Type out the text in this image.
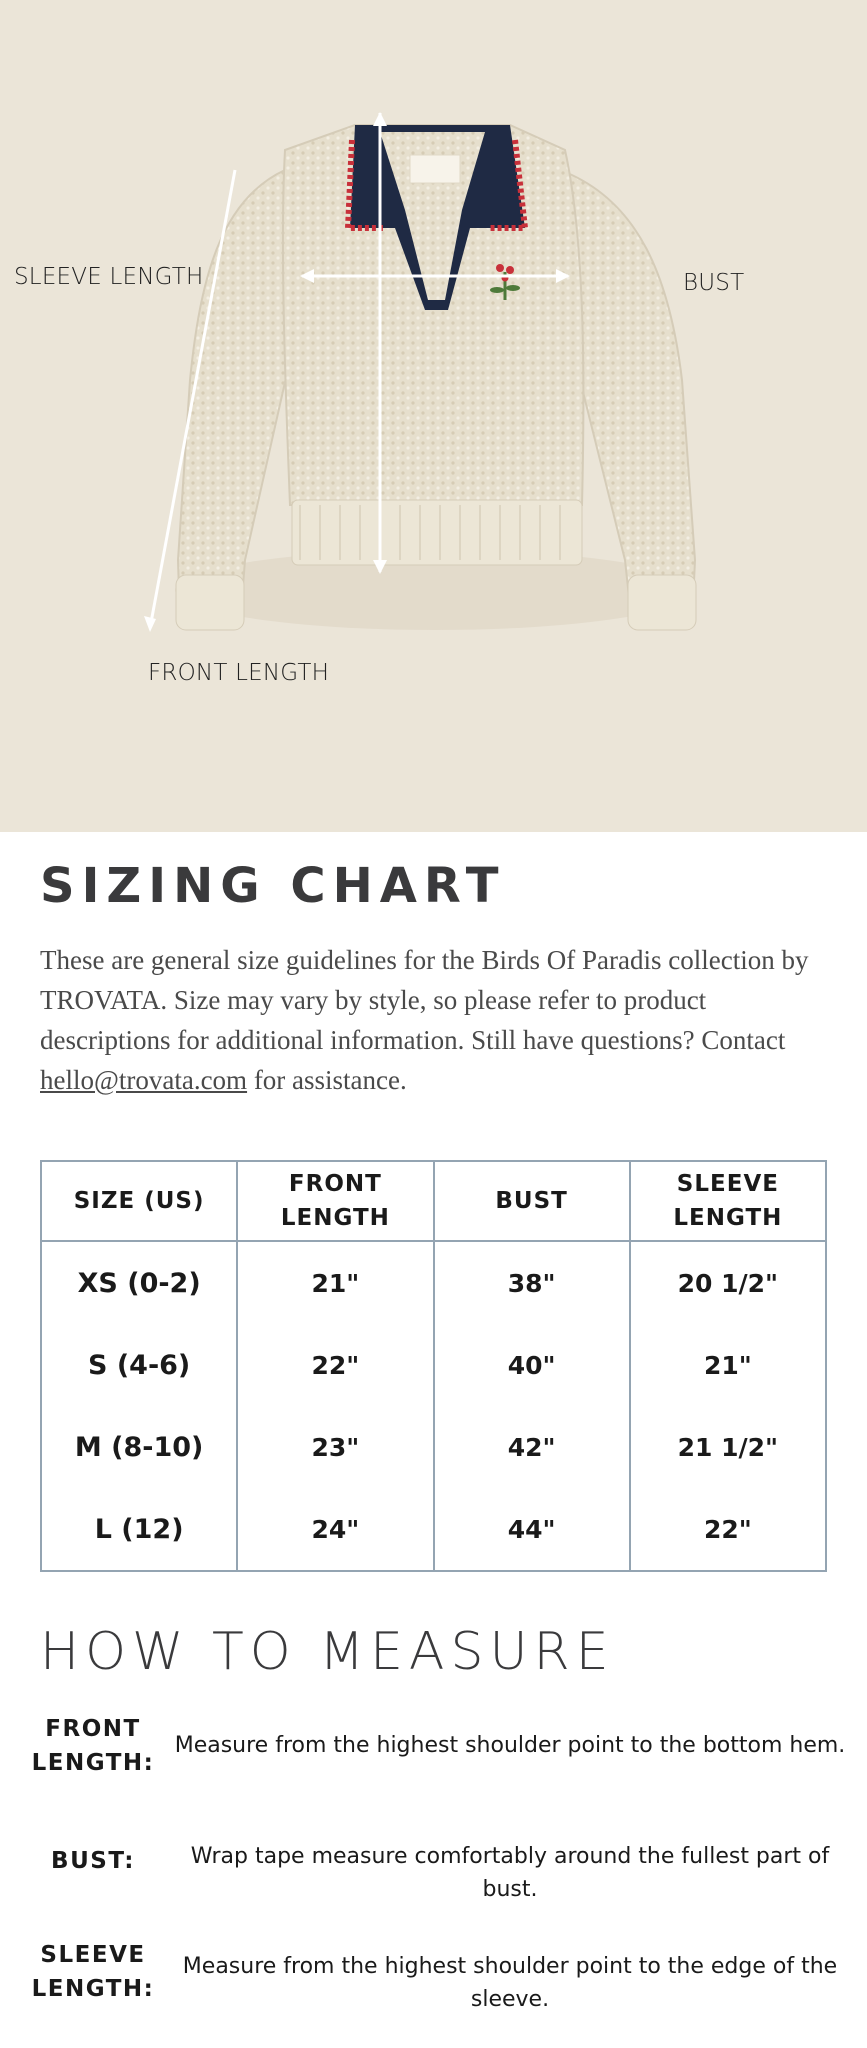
SLEEVE LENGTH	BUST
FRONT LENGTH
SIZING CHART
These are general size guidelines for the Birds Of Paradis collection by TROVATA. Size may vary by style, so please refer to product descriptions for additional information. Still have questions? Contact hello@trovata.com for assistance.
SIZE (US)	FRONT LENGTH	BUST	SLEEVE LENGTH
XS (0-2)	21"	38"	20 1/2"
S (4-6)	22"	40"	21"
M (8-10)	23"	42"	21 1/2"
L (12)	24"	44"	22"
HOW TO MEASURE
FRONT LENGTH:
Measure from the highest shoulder point to the bottom hem.
BUST:	Wrap tape measure comfortably around the fullest part of bust.
SLEEVE LENGTH:
Measure from the highest shoulder point to the edge of the sleeve.
